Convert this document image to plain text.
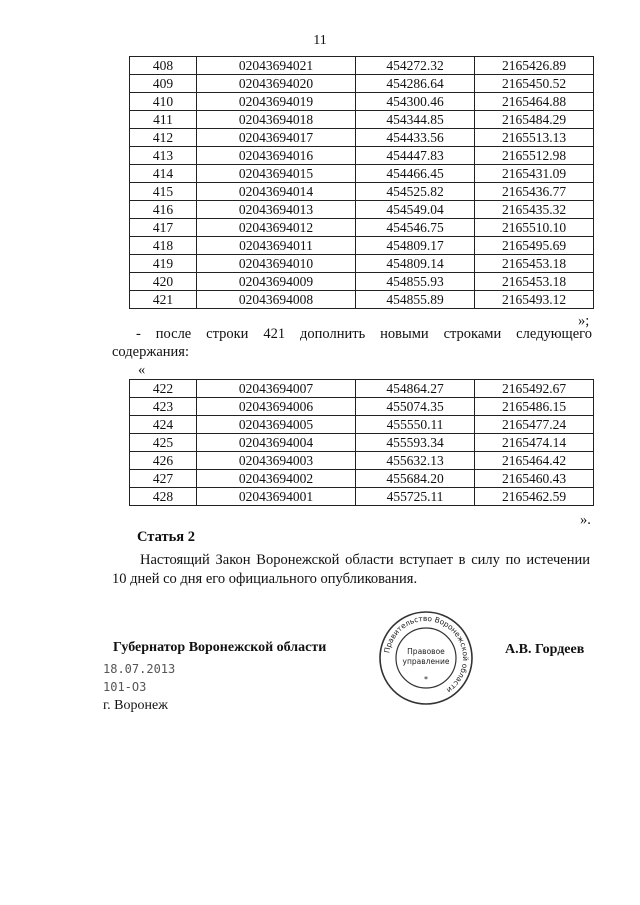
11
408	02043694021	454272.32	2165426.89
409	02043694020	454286.64	2165450.52
410	02043694019	454300.46	2165464.88
411	02043694018	454344.85	2165484.29
412	02043694017	454433.56	2165513.13
413	02043694016	454447.83	2165512.98
414	02043694015	454466.45	2165431.09
415	02043694014	454525.82	2165436.77
416	02043694013	454549.04	2165435.32
417	02043694012	454546.75	2165510.10
418	02043694011	454809.17	2165495.69
419	02043694010	454809.14	2165453.18
420	02043694009	454855.93	2165453.18
421	02043694008	454855.89	2165493.12
»;
- после строки 421 дополнить новыми строками следующего содержания:
«
422	02043694007	454864.27	2165492.67
423	02043694006	455074.35	2165486.15
424	02043694005	455550.11	2165477.24
425	02043694004	455593.34	2165474.14
426	02043694003	455632.13	2165464.42
427	02043694002	455684.20	2165460.43
428	02043694001	455725.11	2165462.59
».
Статья 2
Настоящий Закон Воронежской области вступает в силу по истечении 10 дней со дня его официального опубликования.
Губернатор Воронежской области	А.В. Гордеев
18.07.2013
101-ОЗ
г. Воронеж
Правительство Воронежской области
Правовое
управление
*
